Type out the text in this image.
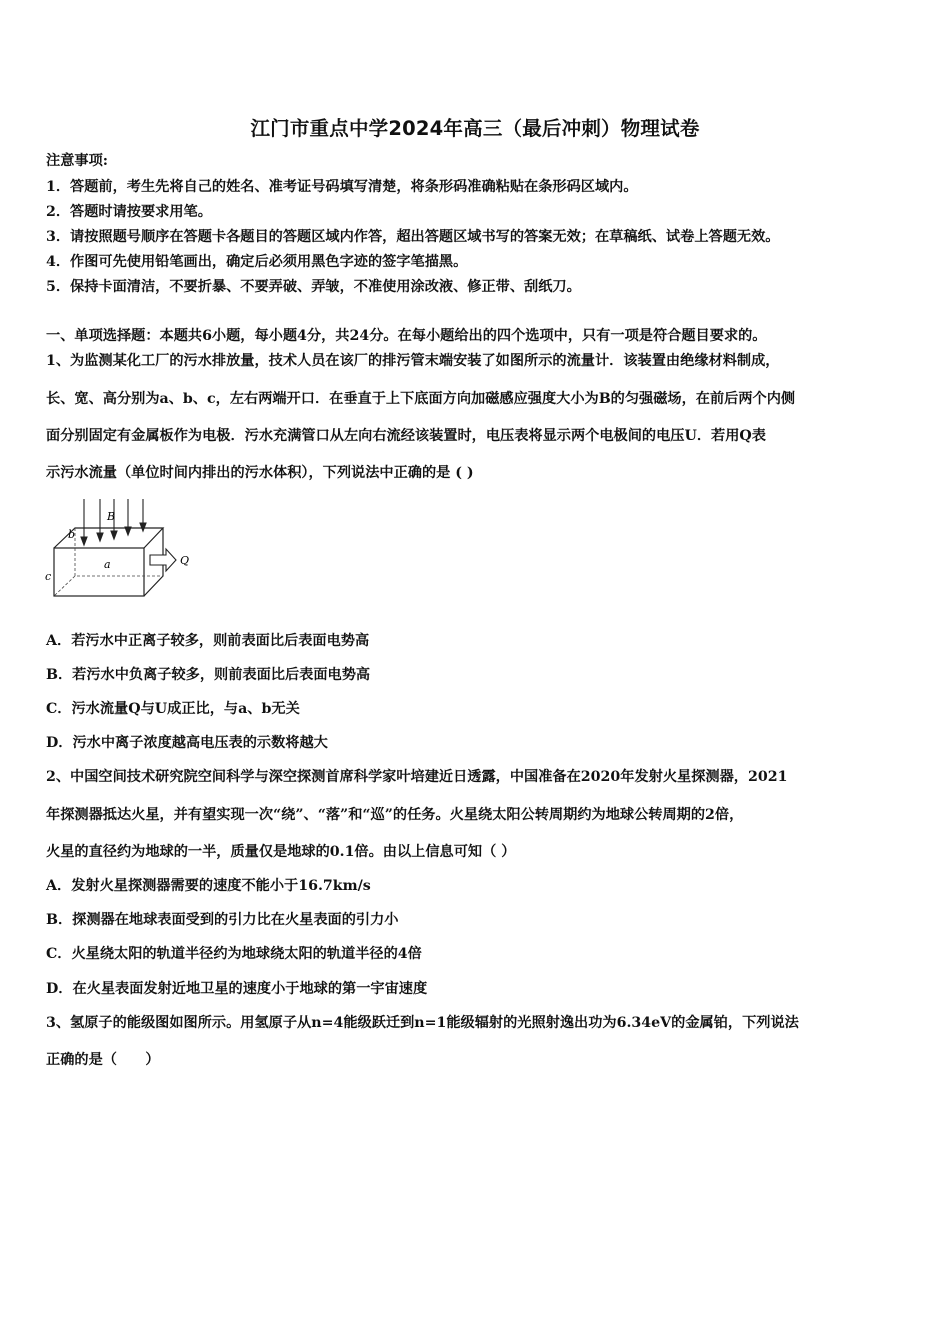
江门市重点中学2024年高三（最后冲刺）物理试卷
注意事项:
1．答题前，考生先将自己的姓名、准考证号码填写清楚，将条形码准确粘贴在条形码区域内。
2．答题时请按要求用笔。
3．请按照题号顺序在答题卡各题目的答题区域内作答，超出答题区域书写的答案无效；在草稿纸、试卷上答题无效。
4．作图可先使用铅笔画出，确定后必须用黑色字迹的签字笔描黑。
5．保持卡面清洁，不要折暴、不要弄破、弄皱，不准使用涂改液、修正带、刮纸刀。
一、单项选择题：本题共6小题，每小题4分，共24分。在每小题给出的四个选项中，只有一项是符合题目要求的。
1、为监测某化工厂的污水排放量，技术人员在该厂的排污管末端安装了如图所示的流量计．该装置由绝缘材料制成，
长、宽、高分别为a、b、c，左右两端开口．在垂直于上下底面方向加磁感应强度大小为B的匀强磁场，在前后两个内侧
面分别固定有金属板作为电极．污水充满管口从左向右流经该装置时，电压表将显示两个电极间的电压U．若用Q表
示污水流量（单位时间内排出的污水体积），下列说法中正确的是 ( )
b
B
a
c
Q
A．若污水中正离子较多，则前表面比后表面电势高
B．若污水中负离子较多，则前表面比后表面电势高
C．污水流量Q与U成正比，与a、b无关
D．污水中离子浓度越高电压表的示数将越大
2、中国空间技术研究院空间科学与深空探测首席科学家叶培建近日透露，中国准备在2020年发射火星探测器，2021
年探测器抵达火星，并有望实现一次“绕”、“落”和“巡”的任务。火星绕太阳公转周期约为地球公转周期的2倍，
火星的直径约为地球的一半，质量仅是地球的0.1倍。由以上信息可知（ ）
A．发射火星探测器需要的速度不能小于16.7km/s
B．探测器在地球表面受到的引力比在火星表面的引力小
C．火星绕太阳的轨道半径约为地球绕太阳的轨道半径的4倍
D．在火星表面发射近地卫星的速度小于地球的第一宇宙速度
3、氢原子的能级图如图所示。用氢原子从n=4能级跃迁到n=1能级辐射的光照射逸出功为6.34eV的金属铂，下列说法
正确的是（　　）
